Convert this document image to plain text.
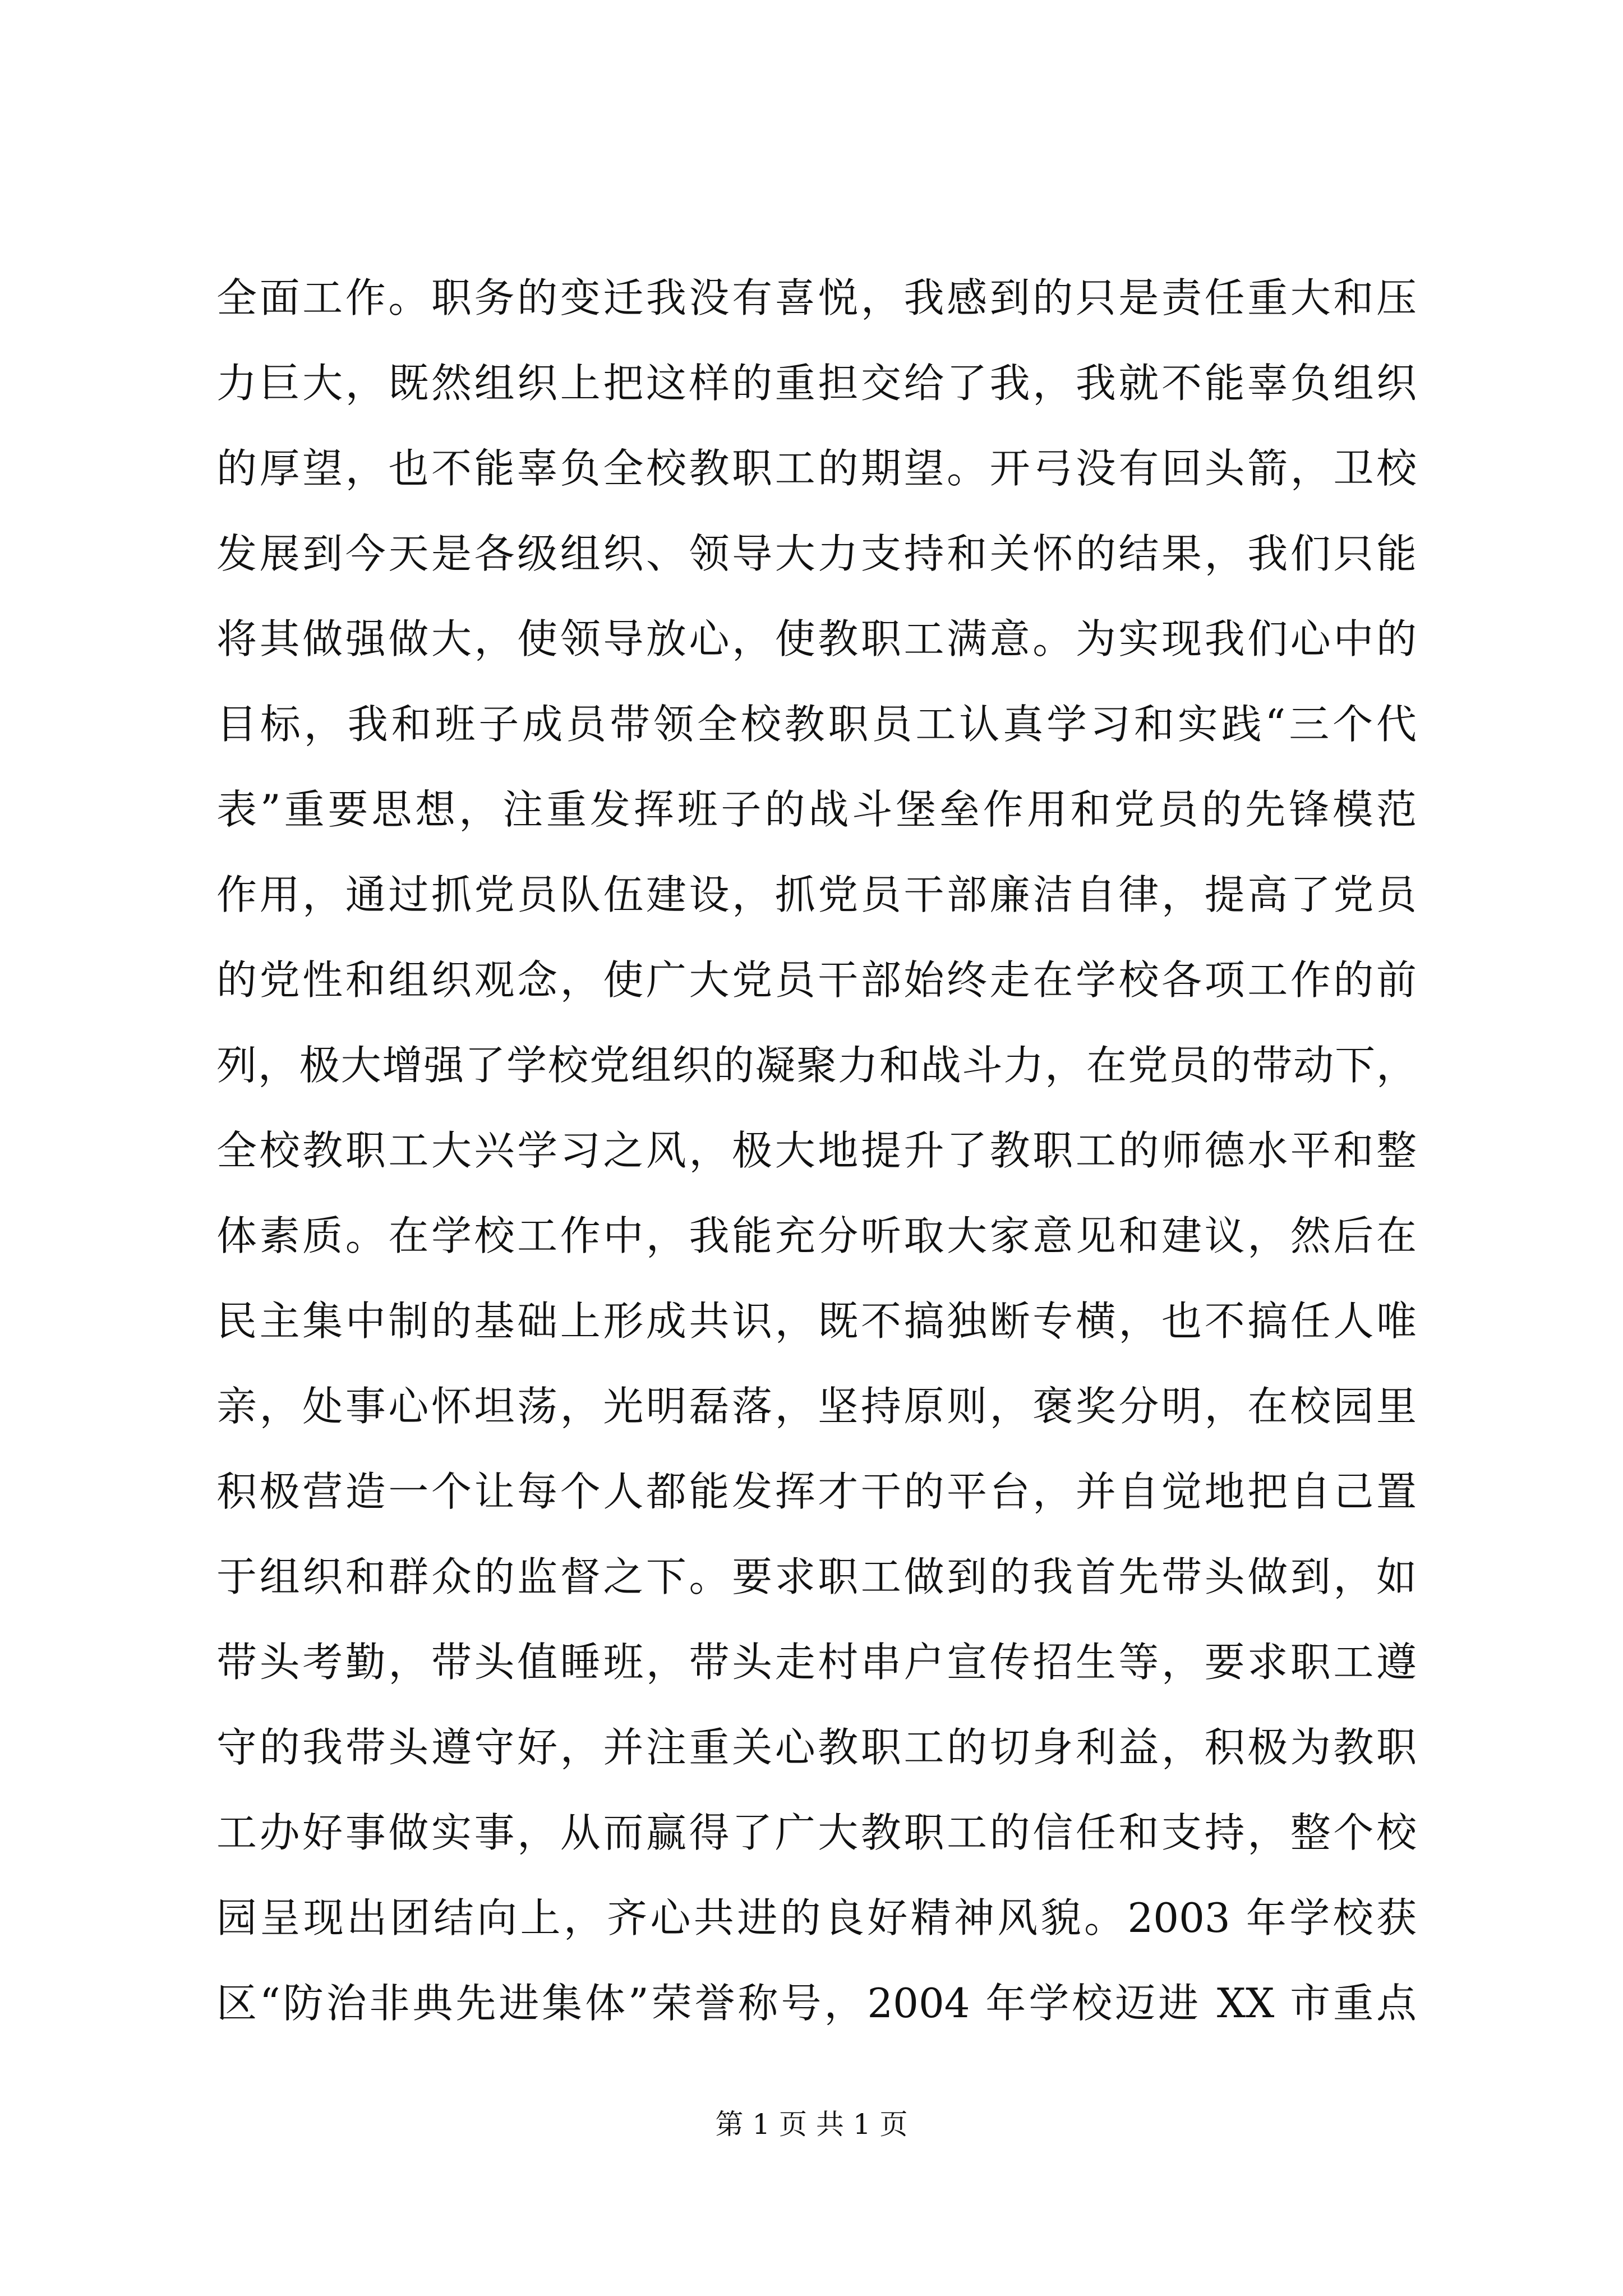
全面工作。职务的变迁我没有喜悦，我感到的只是责任重大和压
力巨大，既然组织上把这样的重担交给了我，我就不能辜负组织
的厚望，也不能辜负全校教职工的期望。开弓没有回头箭，卫校
发展到今天是各级组织、领导大力支持和关怀的结果，我们只能
将其做强做大，使领导放心，使教职工满意。为实现我们心中的
目标，我和班子成员带领全校教职员工认真学习和实践“三个代
表”重要思想，注重发挥班子的战斗堡垒作用和党员的先锋模范
作用，通过抓党员队伍建设，抓党员干部廉洁自律，提高了党员
的党性和组织观念，使广大党员干部始终走在学校各项工作的前
列，极大增强了学校党组织的凝聚力和战斗力，在党员的带动下，
全校教职工大兴学习之风，极大地提升了教职工的师德水平和整
体素质。在学校工作中，我能充分听取大家意见和建议，然后在
民主集中制的基础上形成共识，既不搞独断专横，也不搞任人唯
亲，处事心怀坦荡，光明磊落，坚持原则，褒奖分明，在校园里
积极营造一个让每个人都能发挥才干的平台，并自觉地把自己置
于组织和群众的监督之下。要求职工做到的我首先带头做到，如
带头考勤，带头值睡班，带头走村串户宣传招生等，要求职工遵
守的我带头遵守好，并注重关心教职工的切身利益，积极为教职
工办好事做实事，从而赢得了广大教职工的信任和支持，整个校
园呈现出团结向上，齐心共进的良好精神风貌。2003 年学校获
区“防治非典先进集体”荣誉称号，2004 年学校迈进 XX 市重点
第 1 页 共 1 页
